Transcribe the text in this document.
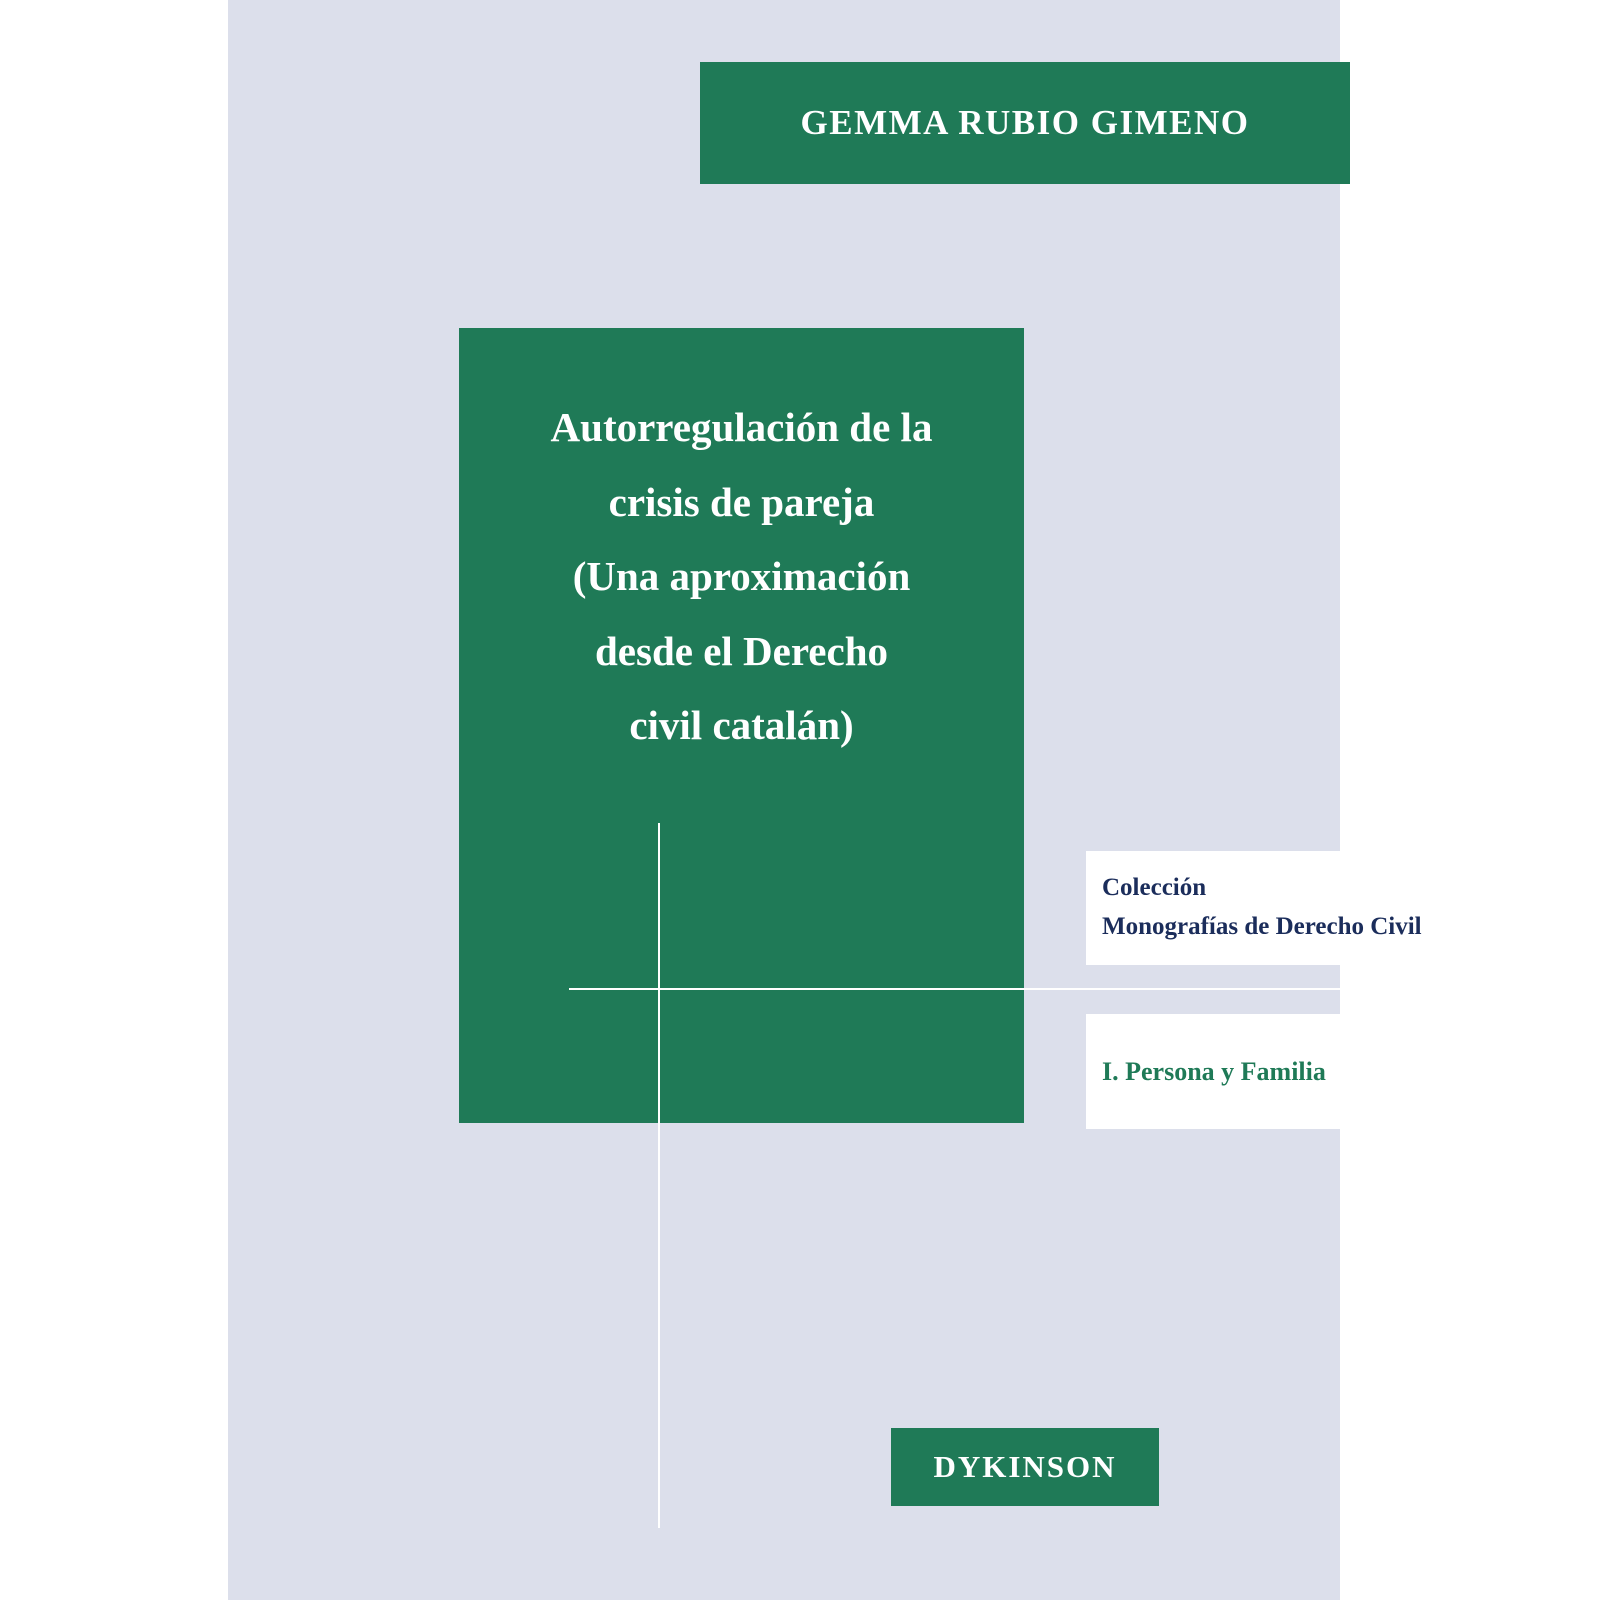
GEMMA RUBIO GIMENO
Autorregulación de la
crisis de pareja
(Una aproximación
desde el Derecho
civil catalán)
Colección
Monografías de Derecho Civil
I. Persona y Familia
DYKINSON
